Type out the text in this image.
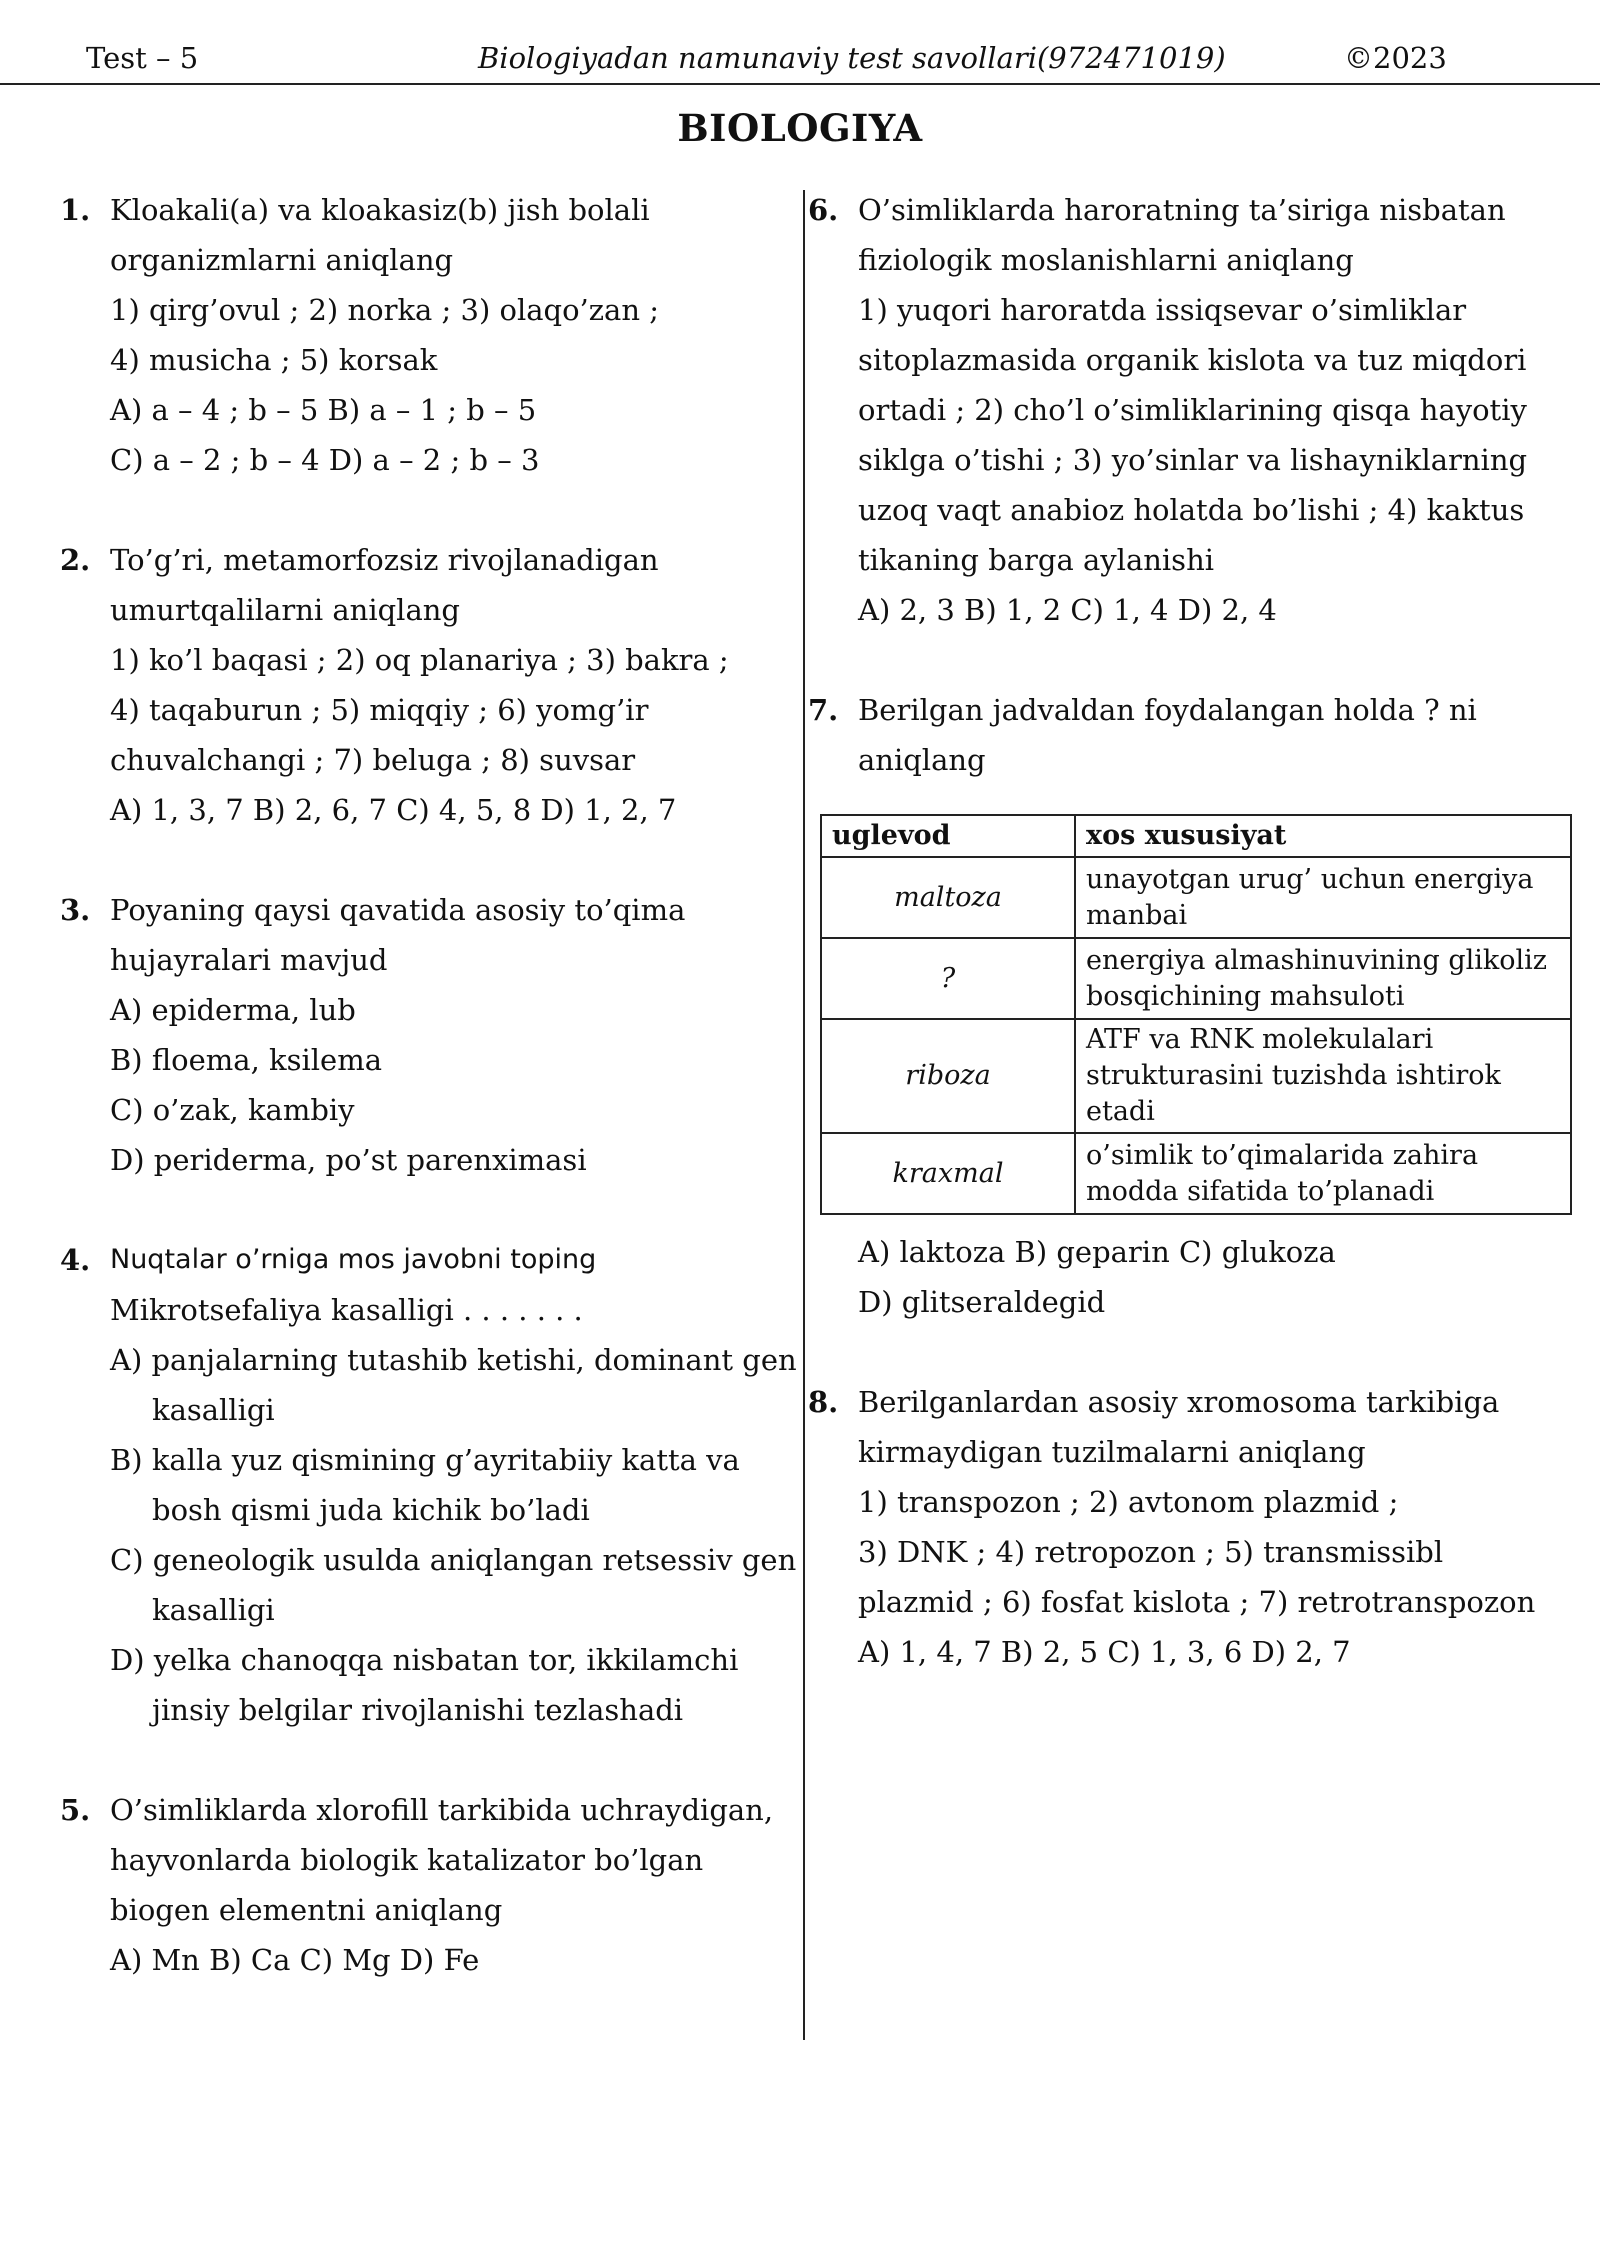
Test – 5	Biologiyadan namunaviy test savollari(972471019)	©2023
BIOLOGIYA
1. Kloakali(a) va kloakasiz(b) jish bolali
organizmlarni aniqlang
1) qirg’ovul ; 2) norka ; 3) olaqo’zan ;
4) musicha ; 5) korsak
A) a – 4 ; b – 5 B) a – 1 ; b – 5
C) a – 2 ; b – 4 D) a – 2 ; b – 3
2. To’g’ri, metamorfozsiz rivojlanadigan
umurtqalilarni aniqlang
1) ko’l baqasi ; 2) oq planariya ; 3) bakra ;
4) taqaburun ; 5) miqqiy ; 6) yomg’ir
chuvalchangi ; 7) beluga ; 8) suvsar
A) 1, 3, 7 B) 2, 6, 7 C) 4, 5, 8 D) 1, 2, 7
3. Poyaning qaysi qavatida asosiy to’qima
hujayralari mavjud
A) epiderma, lub
B) floema, ksilema
C) o’zak, kambiy
D) periderma, po’st parenximasi
4. Nuqtalar o’rniga mos javobni toping
Mikrotsefaliya kasalligi . . . . . . .
A) panjalarning tutashib ketishi, dominant gen
kasalligi
B) kalla yuz qismining g’ayritabiiy katta va
bosh qismi juda kichik bo’ladi
C) geneologik usulda aniqlangan retsessiv gen
kasalligi
D) yelka chanoqqa nisbatan tor, ikkilamchi
jinsiy belgilar rivojlanishi tezlashadi
5. O’simliklarda xlorofill tarkibida uchraydigan,
hayvonlarda biologik katalizator bo’lgan
biogen elementni aniqlang
A) Mn B) Ca C) Mg D) Fe
6. O’simliklarda haroratning ta’siriga nisbatan
fiziologik moslanishlarni aniqlang
1) yuqori haroratda issiqsevar o’simliklar
sitoplazmasida organik kislota va tuz miqdori
ortadi ; 2) cho’l o’simliklarining qisqa hayotiy
siklga o’tishi ; 3) yo’sinlar va lishayniklarning
uzoq vaqt anabioz holatda bo’lishi ; 4) kaktus
tikaning barga aylanishi
A) 2, 3 B) 1, 2 C) 1, 4 D) 2, 4
7. Berilgan jadvaldan foydalangan holda ? ni
aniqlang
uglevod	xos xususiyat
maltoza	unayotgan urug’ uchun energiya manbai
?	energiya almashinuvining glikoliz bosqichining mahsuloti
riboza	ATF va RNK molekulalari strukturasini tuzishda ishtirok etadi
kraxmal	o’simlik to’qimalarida zahira modda sifatida to’planadi
A) laktoza B) geparin C) glukoza
D) glitseraldegid
8. Berilganlardan asosiy xromosoma tarkibiga
kirmaydigan tuzilmalarni aniqlang
1) transpozon ; 2) avtonom plazmid ;
3) DNK ; 4) retropozon ; 5) transmissibl
plazmid ; 6) fosfat kislota ; 7) retrotranspozon
A) 1, 4, 7 B) 2, 5 C) 1, 3, 6 D) 2, 7
